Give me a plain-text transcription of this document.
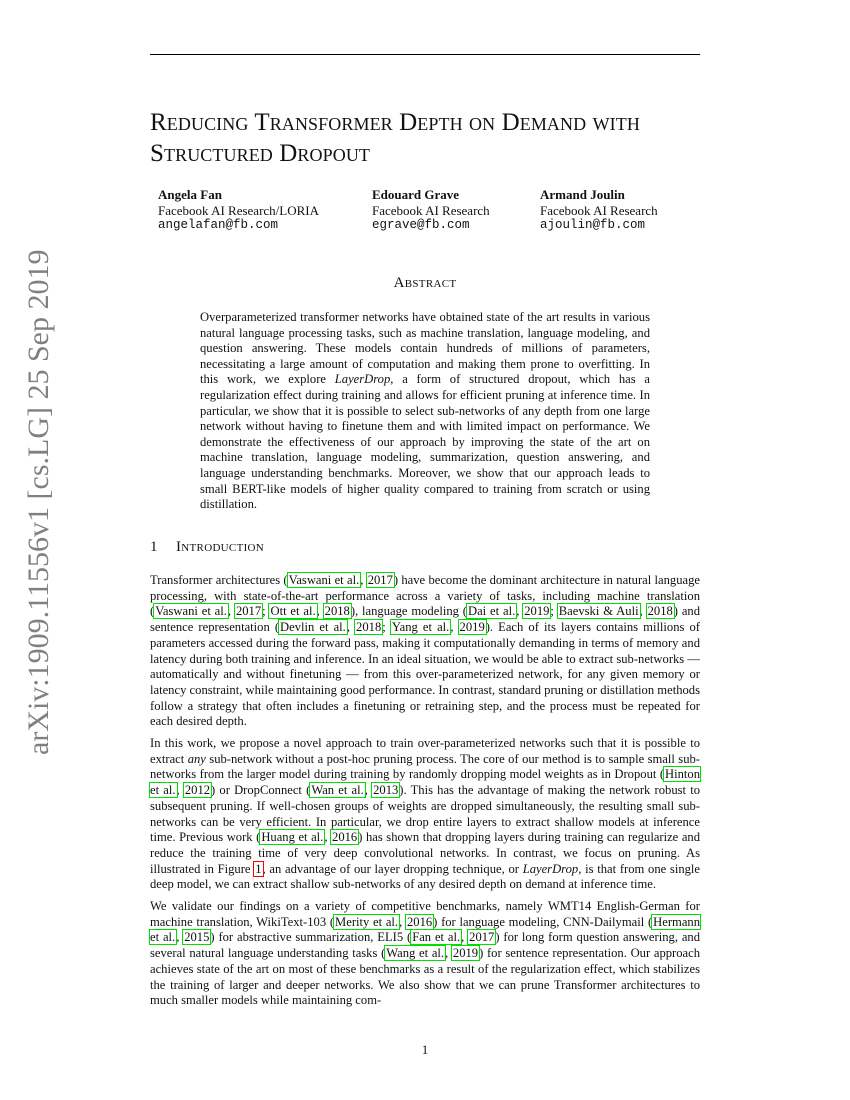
arXiv:1909.11556v1 [cs.LG] 25 Sep 2019
Reducing Transformer Depth on Demand with
Structured Dropout
Angela Fan
Facebook AI Research/LORIA
angelafan@fb.com
Edouard Grave
Facebook AI Research
egrave@fb.com
Armand Joulin
Facebook AI Research
ajoulin@fb.com
Abstract

Overparameterized transformer networks have obtained state of the art results in various natural language processing tasks, such as machine translation, language modeling, and question answering. These models contain hundreds of millions of parameters, necessitating a large amount of computation and making them prone to overfitting. In this work, we explore LayerDrop, a form of structured dropout, which has a regularization effect during training and allows for efficient pruning at inference time. In particular, we show that it is possible to select sub-networks of any depth from one large network without having to finetune them and with limited impact on performance. We demonstrate the effectiveness of our approach by improving the state of the art on machine translation, language modeling, summarization, question answering, and language understanding benchmarks. Moreover, we show that our approach leads to small BERT-like models of higher quality compared to training from scratch or using distillation.

1 Introduction

Transformer architectures (Vaswani et al., 2017) have become the dominant architecture in natural language processing, with state-of-the-art performance across a variety of tasks, including machine translation (Vaswani et al., 2017; Ott et al., 2018), language modeling (Dai et al., 2019; Baevski & Auli, 2018) and sentence representation (Devlin et al., 2018; Yang et al., 2019). Each of its layers contains millions of parameters accessed during the forward pass, making it computationally demanding in terms of memory and latency during both training and inference. In an ideal situation, we would be able to extract sub-networks — automatically and without finetuning — from this over-parameterized network, for any given memory or latency constraint, while maintaining good performance. In contrast, standard pruning or distillation methods follow a strategy that often includes a finetuning or retraining step, and the process must be repeated for each desired depth.

In this work, we propose a novel approach to train over-parameterized networks such that it is possible to extract any sub-network without a post-hoc pruning process. The core of our method is to sample small sub-networks from the larger model during training by randomly dropping model weights as in Dropout (Hinton et al., 2012) or DropConnect (Wan et al., 2013). This has the advantage of making the network robust to subsequent pruning. If well-chosen groups of weights are dropped simultaneously, the resulting small sub-networks can be very efficient. In particular, we drop entire layers to extract shallow models at inference time. Previous work (Huang et al., 2016) has shown that dropping layers during training can regularize and reduce the training time of very deep convolutional networks. In contrast, we focus on pruning. As illustrated in Figure 1, an advantage of our layer dropping technique, or LayerDrop, is that from one single deep model, we can extract shallow sub-networks of any desired depth on demand at inference time.

We validate our findings on a variety of competitive benchmarks, namely WMT14 English-German for machine translation, WikiText-103 (Merity et al., 2016) for language modeling, CNN-Dailymail (Hermann et al., 2015) for abstractive summarization, ELI5 (Fan et al., 2017) for long form question answering, and several natural language understanding tasks (Wang et al., 2019) for sentence representation. Our approach achieves state of the art on most of these benchmarks as a result of the regularization effect, which stabilizes the training of larger and deeper networks. We also show that we can prune Transformer architectures to much smaller models while maintaining com-

1
